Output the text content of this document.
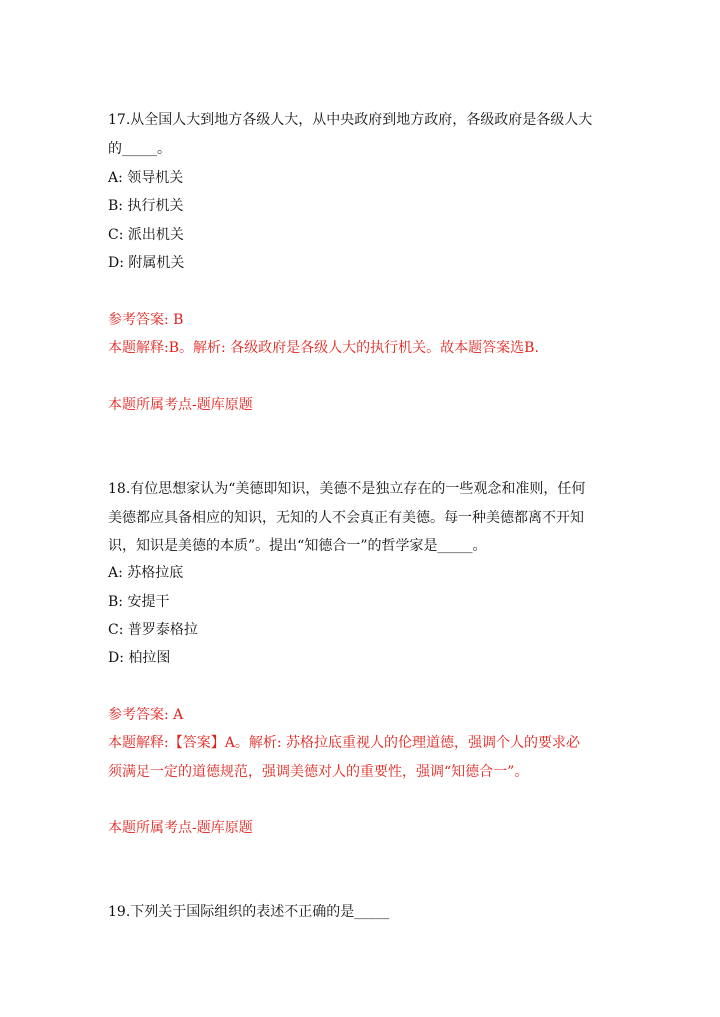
17.从全国人大到地方各级人大，从中央政府到地方政府，各级政府是各级人大
的_____。
A: 领导机关
B: 执行机关
C: 派出机关
D: 附属机关
参考答案: B
本题解释:B。解析: 各级政府是各级人大的执行机关。故本题答案选B.
本题所属考点-题库原题
18.有位思想家认为“美德即知识，美德不是独立存在的一些观念和准则，任何
美德都应具备相应的知识，无知的人不会真正有美德。每一种美德都离不开知
识，知识是美德的本质”。提出“知德合一”的哲学家是_____。
A: 苏格拉底
B: 安提干
C: 普罗泰格拉
D: 柏拉图
参考答案: A
本题解释:【答案】A。解析: 苏格拉底重视人的伦理道德，强调个人的要求必
须满足一定的道德规范，强调美德对人的重要性，强调“知德合一”。
本题所属考点-题库原题
19.下列关于国际组织的表述不正确的是_____
